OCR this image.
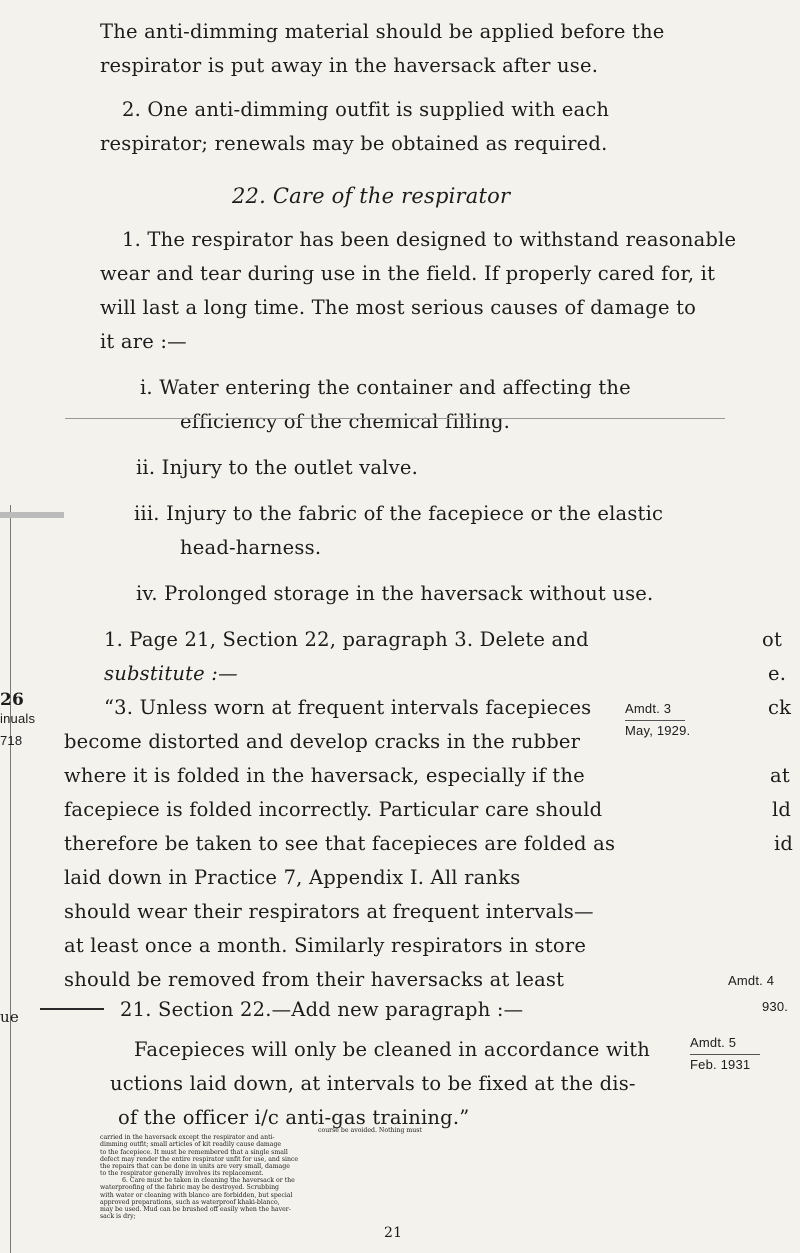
The anti-dimming material should be applied before the
respirator is put away in the haversack after use.
2. One anti-dimming outfit is supplied with each
respirator; renewals may be obtained as required.
22. Care of the respirator
1. The respirator has been designed to withstand reasonable
wear and tear during use in the field. If properly cared for, it
will last a long time. The most serious causes of damage to
it are :—
i. Water entering the container and affecting the
efficiency of the chemical filling.
ii. Injury to the outlet valve.
iii. Injury to the fabric of the facepiece or the elastic
head-harness.
iv. Prolonged storage in the haversack without use.
1. Page 21, Section 22, paragraph 3. Delete and
substitute :—
ot
e.
26
inuals
718
ue
“3. Unless worn at frequent intervals facepieces
become distorted and develop cracks in the rubber
where it is folded in the haversack, especially if the
facepiece is folded incorrectly. Particular care should
therefore be taken to see that facepieces are folded as
laid down in Practice 7, Appendix I. All ranks
should wear their respirators at frequent intervals—
at least once a month. Similarly respirators in store
should be removed from their haversacks at least
Amdt. 3
May, 1929.
ck
at
ld
id
Amdt. 4
930.
21. Section 22.—Add new paragraph :—
Facepieces will only be cleaned in accordance with
uctions laid down, at intervals to be fixed at the dis-
of the officer i/c anti-gas training.”
Amdt. 5
Feb. 1931
course be avoided. Nothing must
carried in the haversack except the respirator and anti-
dimming outfit; small articles of kit readily cause damage
to the facepiece. It must be remembered that a single small
defect may render the entire respirator unfit for use, and since
the repairs that can be done in units are very small, damage
to the respirator generally involves its replacement.
6. Care must be taken in cleaning the haversack or the
waterproofing of the fabric may be destroyed. Scrubbing
with water or cleaning with blanco are forbidden, but special
approved preparations, such as waterproof khaki-blanco,
may be used. Mud can be brushed off easily when the haver-
sack is dry;
21
